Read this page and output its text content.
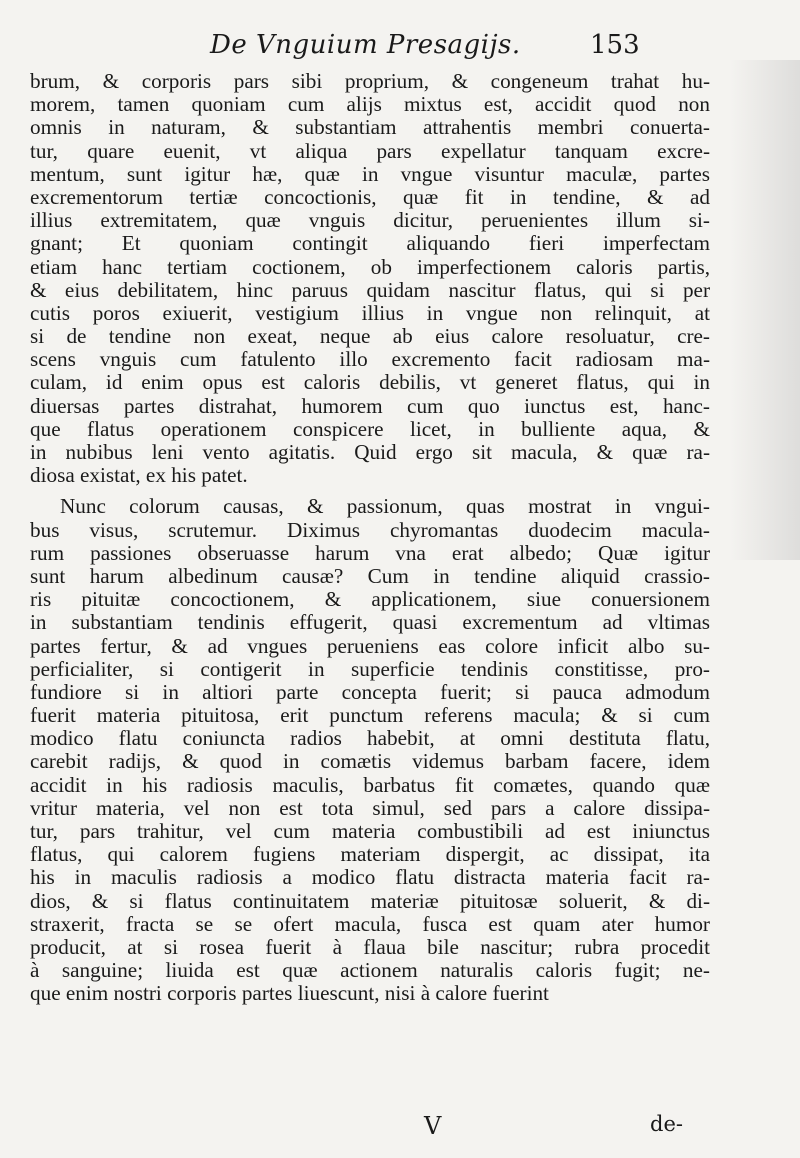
De Vnguium Presagijs.	153
brum, & corporis pars sibi proprium, & congeneum trahat hu-
morem, tamen quoniam cum alijs mixtus est, accidit quod non
omnis in naturam, & substantiam attrahentis membri conuerta-
tur, quare euenit, vt aliqua pars expellatur tanquam excre-
mentum, sunt igitur hæ, quæ in vngue visuntur maculæ, partes
excrementorum tertiæ concoctionis, quæ fit in tendine, & ad
illius extremitatem, quæ vnguis dicitur, peruenientes illum si-
gnant; Et quoniam contingit aliquando fieri imperfectam
etiam hanc tertiam coctionem, ob imperfectionem caloris partis,
& eius debilitatem, hinc paruus quidam nascitur flatus, qui si per
cutis poros exiuerit, vestigium illius in vngue non relinquit, at
si de tendine non exeat, neque ab eius calore resoluatur, cre-
scens vnguis cum fatulento illo excremento facit radiosam ma-
culam, id enim opus est caloris debilis, vt generet flatus, qui in
diuersas partes distrahat, humorem cum quo iunctus est, hanc-
que flatus operationem conspicere licet, in bulliente aqua, &
in nubibus leni vento agitatis. Quid ergo sit macula, & quæ ra-
diosa existat, ex his patet.
Nunc colorum causas, & passionum, quas mostrat in vngui-
bus visus, scrutemur. Diximus chyromantas duodecim macula-
rum passiones obseruasse harum vna erat albedo; Quæ igitur
sunt harum albedinum causæ? Cum in tendine aliquid crassio-
ris pituitæ concoctionem, & applicationem, siue conuersionem
in substantiam tendinis effugerit, quasi excrementum ad vltimas
partes fertur, & ad vngues perueniens eas colore inficit albo su-
perficialiter, si contigerit in superficie tendinis constitisse, pro-
fundiore si in altiori parte concepta fuerit; si pauca admodum
fuerit materia pituitosa, erit punctum referens macula; & si cum
modico flatu coniuncta radios habebit, at omni destituta flatu,
carebit radijs, & quod in comætis videmus barbam facere, idem
accidit in his radiosis maculis, barbatus fit comætes, quando quæ
vritur materia, vel non est tota simul, sed pars a calore dissipa-
tur, pars trahitur, vel cum materia combustibili ad est iniunctus
flatus, qui calorem fugiens materiam dispergit, ac dissipat, ita
his in maculis radiosis a modico flatu distracta materia facit ra-
dios, & si flatus continuitatem materiæ pituitosæ soluerit, & di-
straxerit, fracta se se ofert macula, fusca est quam ater humor
producit, at si rosea fuerit à flaua bile nascitur; rubra procedit
à sanguine; liuida est quæ actionem naturalis caloris fugit; ne-
que enim nostri corporis partes liuescunt, nisi à calore fuerint
V	de-
